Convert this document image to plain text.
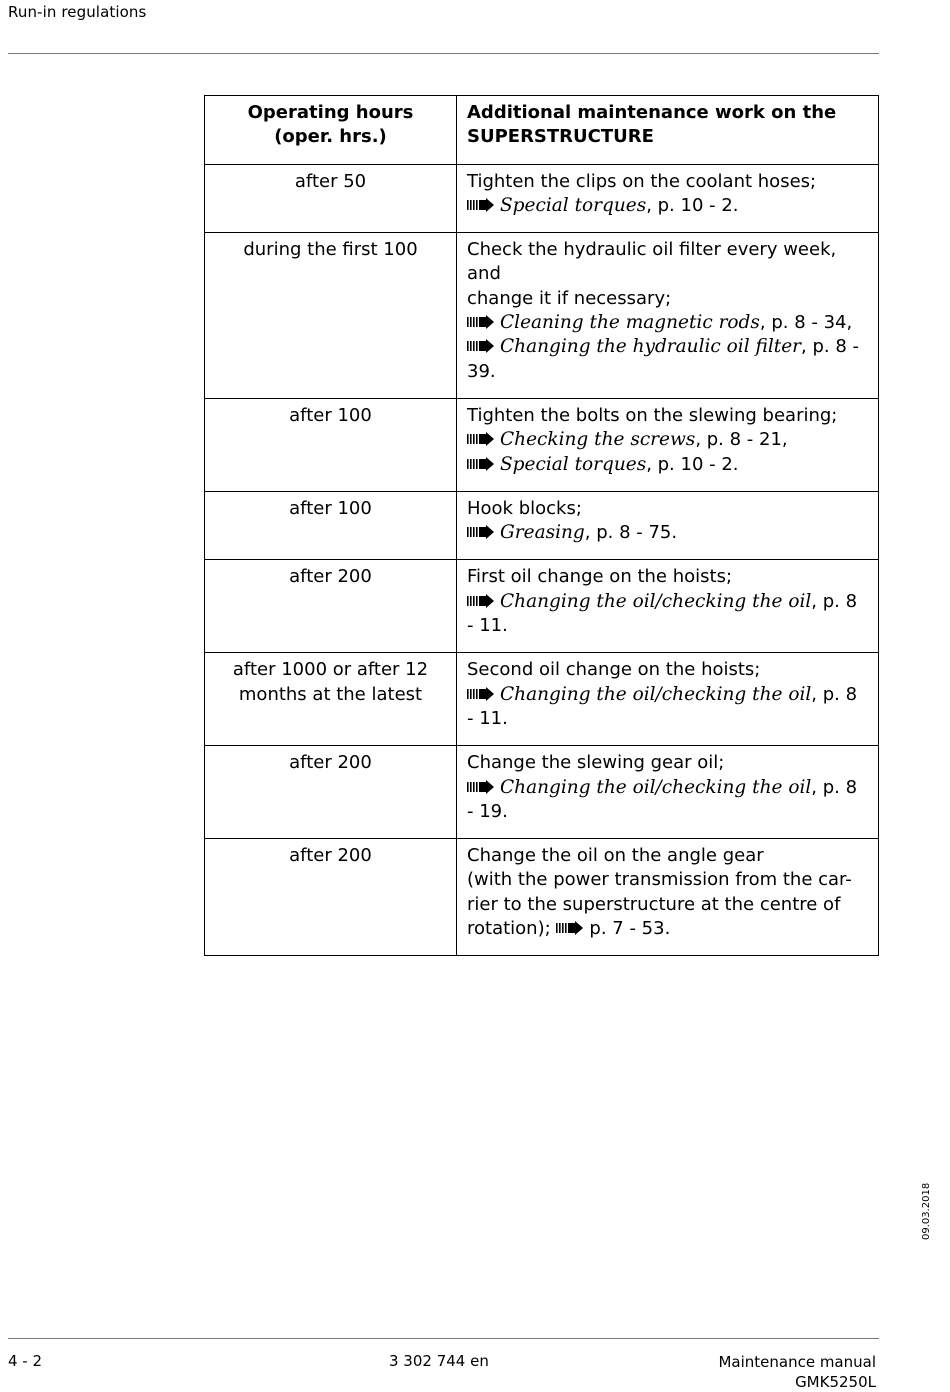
Run-in regulations
Operating hours
(oper. hrs.)	Additional maintenance work on the
SUPERSTRUCTURE

after 50	Tighten the clips on the coolant hoses;
Special torques, p. 10 - 2.

during the first 100	Check the hydraulic oil filter every week, and
change it if necessary;
Cleaning the magnetic rods, p. 8 - 34,
Changing the hydraulic oil filter, p. 8 - 39.

after 100	Tighten the bolts on the slewing bearing;
Checking the screws, p. 8 - 21,
Special torques, p. 10 - 2.

after 100	Hook blocks;
Greasing, p. 8 - 75.

after 200	First oil change on the hoists;
Changing the oil/checking the oil, p. 8 - 11.

after 1000 or after 12
months at the latest	Second oil change on the hoists;
Changing the oil/checking the oil, p. 8 - 11.

after 200	Change the slewing gear oil;
Changing the oil/checking the oil, p. 8 - 19.

after 200	Change the oil on the angle gear
(with the power transmission from the car-
rier to the superstructure at the centre of
rotation); p. 7 - 53.
09.03.2018
4 - 2	3 302 744 en	Maintenance manual
GMK5250L
